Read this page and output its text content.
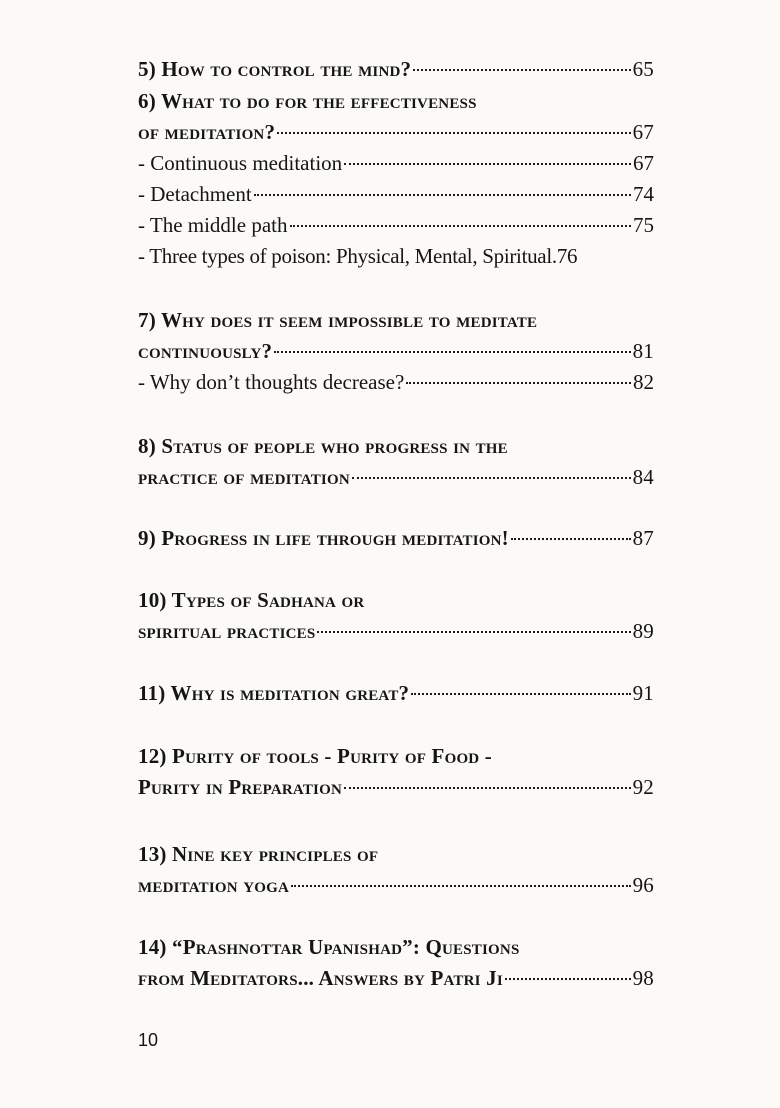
5) How to control the mind?	65
6) What to do for the effectiveness
of meditation?	67
- Continuous meditation	67
- Detachment	74
- The middle path	75
- Three types of poison: Physical, Mental, Spiritual. 76
7) Why does it seem impossible to meditate
continuously?	81
- Why don’t thoughts decrease?	82
8) Status of people who progress in the
practice of meditation	84
9) Progress in life through meditation!	87
10) Types of Sadhana or
spiritual practices	89
11) Why is meditation great?	91
12) Purity of tools - Purity of Food -
Purity in Preparation	92
13) Nine key principles of
meditation yoga	96
14) “Prashnottar Upanishad”: Questions
from Meditators... Answers by Patri Ji	98
10
